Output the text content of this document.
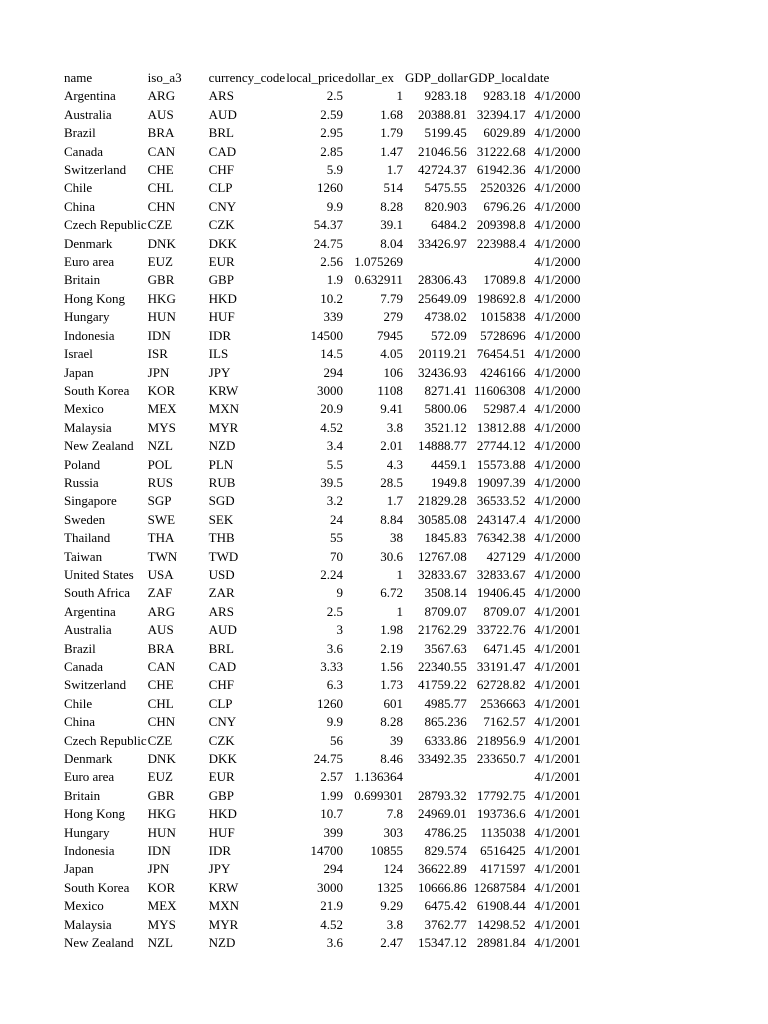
name	iso_a3	currency_code	local_price	dollar_ex	GDP_dollar	GDP_local	date
Argentina	ARG	ARS	2.5	1	9283.18	9283.18	4/1/2000
Australia	AUS	AUD	2.59	1.68	20388.81	32394.17	4/1/2000
Brazil	BRA	BRL	2.95	1.79	5199.45	6029.89	4/1/2000
Canada	CAN	CAD	2.85	1.47	21046.56	31222.68	4/1/2000
Switzerland	CHE	CHF	5.9	1.7	42724.37	61942.36	4/1/2000
Chile	CHL	CLP	1260	514	5475.55	2520326	4/1/2000
China	CHN	CNY	9.9	8.28	820.903	6796.26	4/1/2000
Czech Republic	CZE	CZK	54.37	39.1	6484.2	209398.8	4/1/2000
Denmark	DNK	DKK	24.75	8.04	33426.97	223988.4	4/1/2000
Euro area	EUZ	EUR	2.56	1.075269			4/1/2000
Britain	GBR	GBP	1.9	0.632911	28306.43	17089.8	4/1/2000
Hong Kong	HKG	HKD	10.2	7.79	25649.09	198692.8	4/1/2000
Hungary	HUN	HUF	339	279	4738.02	1015838	4/1/2000
Indonesia	IDN	IDR	14500	7945	572.09	5728696	4/1/2000
Israel	ISR	ILS	14.5	4.05	20119.21	76454.51	4/1/2000
Japan	JPN	JPY	294	106	32436.93	4246166	4/1/2000
South Korea	KOR	KRW	3000	1108	8271.41	11606308	4/1/2000
Mexico	MEX	MXN	20.9	9.41	5800.06	52987.4	4/1/2000
Malaysia	MYS	MYR	4.52	3.8	3521.12	13812.88	4/1/2000
New Zealand	NZL	NZD	3.4	2.01	14888.77	27744.12	4/1/2000
Poland	POL	PLN	5.5	4.3	4459.1	15573.88	4/1/2000
Russia	RUS	RUB	39.5	28.5	1949.8	19097.39	4/1/2000
Singapore	SGP	SGD	3.2	1.7	21829.28	36533.52	4/1/2000
Sweden	SWE	SEK	24	8.84	30585.08	243147.4	4/1/2000
Thailand	THA	THB	55	38	1845.83	76342.38	4/1/2000
Taiwan	TWN	TWD	70	30.6	12767.08	427129	4/1/2000
United States	USA	USD	2.24	1	32833.67	32833.67	4/1/2000
South Africa	ZAF	ZAR	9	6.72	3508.14	19406.45	4/1/2000
Argentina	ARG	ARS	2.5	1	8709.07	8709.07	4/1/2001
Australia	AUS	AUD	3	1.98	21762.29	33722.76	4/1/2001
Brazil	BRA	BRL	3.6	2.19	3567.63	6471.45	4/1/2001
Canada	CAN	CAD	3.33	1.56	22340.55	33191.47	4/1/2001
Switzerland	CHE	CHF	6.3	1.73	41759.22	62728.82	4/1/2001
Chile	CHL	CLP	1260	601	4985.77	2536663	4/1/2001
China	CHN	CNY	9.9	8.28	865.236	7162.57	4/1/2001
Czech Republic	CZE	CZK	56	39	6333.86	218956.9	4/1/2001
Denmark	DNK	DKK	24.75	8.46	33492.35	233650.7	4/1/2001
Euro area	EUZ	EUR	2.57	1.136364			4/1/2001
Britain	GBR	GBP	1.99	0.699301	28793.32	17792.75	4/1/2001
Hong Kong	HKG	HKD	10.7	7.8	24969.01	193736.6	4/1/2001
Hungary	HUN	HUF	399	303	4786.25	1135038	4/1/2001
Indonesia	IDN	IDR	14700	10855	829.574	6516425	4/1/2001
Japan	JPN	JPY	294	124	36622.89	4171597	4/1/2001
South Korea	KOR	KRW	3000	1325	10666.86	12687584	4/1/2001
Mexico	MEX	MXN	21.9	9.29	6475.42	61908.44	4/1/2001
Malaysia	MYS	MYR	4.52	3.8	3762.77	14298.52	4/1/2001
New Zealand	NZL	NZD	3.6	2.47	15347.12	28981.84	4/1/2001
